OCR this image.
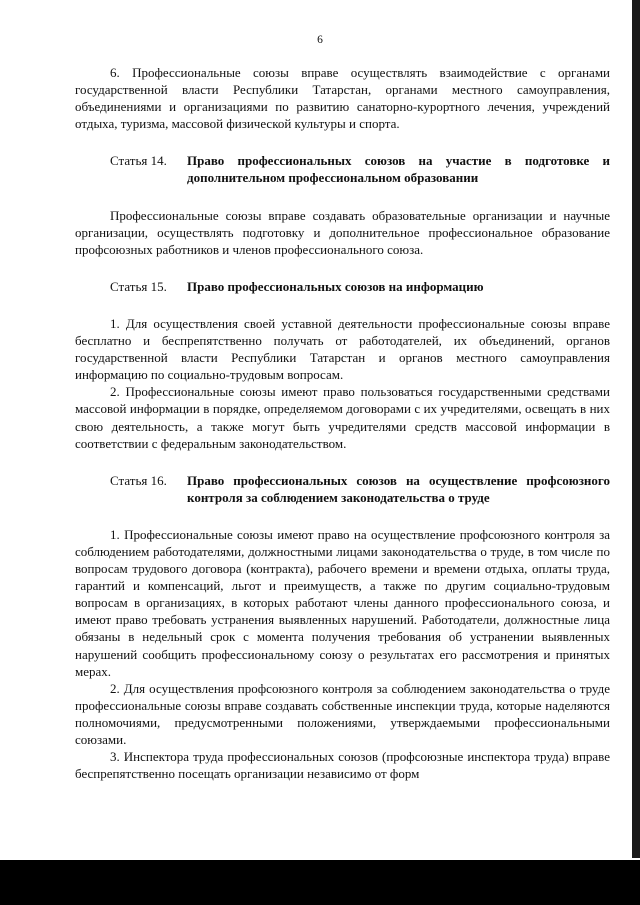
6

6. Профессиональные союзы вправе осуществлять взаимодействие с органами государственной власти Республики Татарстан, органами местного самоуправления, объединениями и организациями по развитию санаторно-курортного лечения, учреждений отдыха, туризма, массовой физической культуры и спорта.

Статья 14.	Право профессиональных союзов на участие в подготовке и дополнительном профессиональном образовании

Профессиональные союзы вправе создавать образовательные организации и научные организации, осуществлять подготовку и дополнительное профессиональное образование профсоюзных работников и членов профессионального союза.

Статья 15.	Право профессиональных союзов на информацию

1. Для осуществления своей уставной деятельности профессиональные союзы вправе бесплатно и беспрепятственно получать от работодателей, их объединений, органов государственной власти Республики Татарстан и органов местного самоуправления информацию по социально-трудовым вопросам.

2. Профессиональные союзы имеют право пользоваться государственными средствами массовой информации в порядке, определяемом договорами с их учредителями, освещать в них свою деятельность, а также могут быть учредителями средств массовой информации в соответствии с федеральным законодательством.

Статья 16.	Право профессиональных союзов на осуществление профсоюзного контроля за соблюдением законодательства о труде

1. Профессиональные союзы имеют право на осуществление профсоюзного контроля за соблюдением работодателями, должностными лицами законодательства о труде, в том числе по вопросам трудового договора (контракта), рабочего времени и времени отдыха, оплаты труда, гарантий и компенсаций, льгот и преимуществ, а также по другим социально-трудовым вопросам в организациях, в которых работают члены данного профессионального союза, и имеют право требовать устранения выявленных нарушений. Работодатели, должностные лица обязаны в недельный срок с момента получения требования об устранении выявленных нарушений сообщить профессиональному союзу о результатах его рассмотрения и принятых мерах.

2. Для осуществления профсоюзного контроля за соблюдением законодательства о труде профессиональные союзы вправе создавать собственные инспекции труда, которые наделяются полномочиями, предусмотренными положениями, утверждаемыми профессиональными союзами.

3. Инспектора труда профессиональных союзов (профсоюзные инспектора труда) вправе беспрепятственно посещать организации независимо от форм
